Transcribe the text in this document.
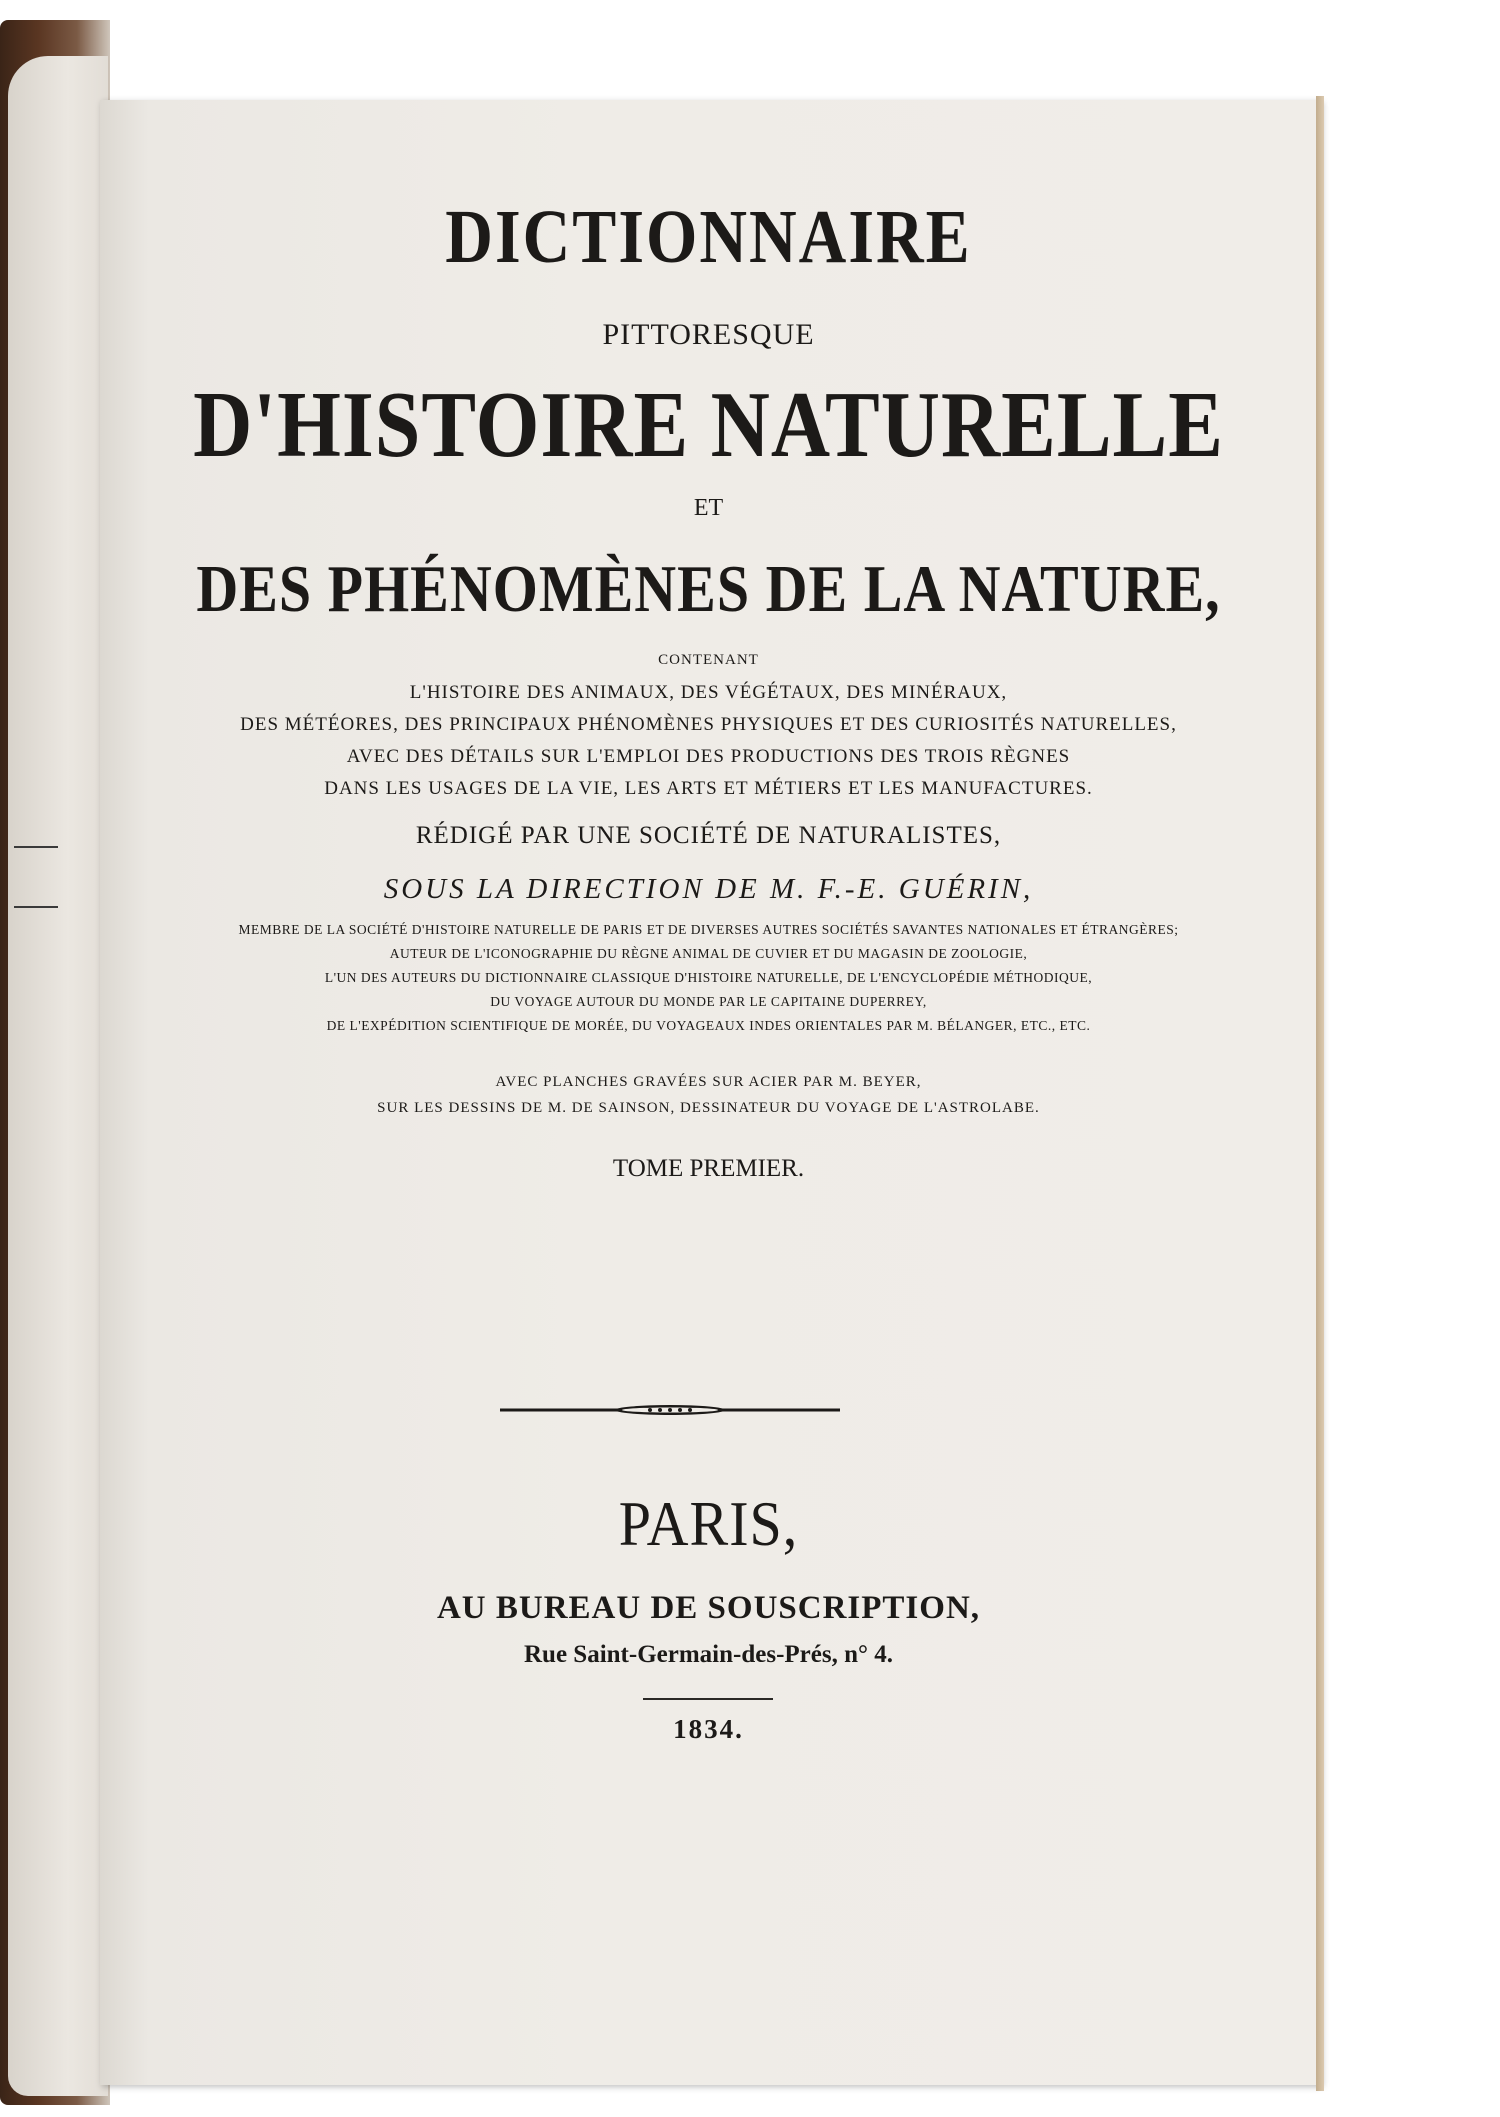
DICTIONNAIRE
PITTORESQUE
D'HISTOIRE NATURELLE
ET
DES PHÉNOMÈNES DE LA NATURE,
CONTENANT
L'HISTOIRE DES ANIMAUX, DES VÉGÉTAUX, DES MINÉRAUX,
DES MÉTÉORES, DES PRINCIPAUX PHÉNOMÈNES PHYSIQUES ET DES CURIOSITÉS NATURELLES,
AVEC DES DÉTAILS SUR L'EMPLOI DES PRODUCTIONS DES TROIS RÈGNES
DANS LES USAGES DE LA VIE, LES ARTS ET MÉTIERS ET LES MANUFACTURES.
RÉDIGÉ PAR UNE SOCIÉTÉ DE NATURALISTES,
SOUS LA DIRECTION DE M. F.-E. GUÉRIN,
MEMBRE DE LA SOCIÉTÉ D'HISTOIRE NATURELLE DE PARIS ET DE DIVERSES AUTRES SOCIÉTÉS SAVANTES NATIONALES ET ÉTRANGÈRES;
AUTEUR DE L'ICONOGRAPHIE DU RÈGNE ANIMAL DE CUVIER ET DU MAGASIN DE ZOOLOGIE,
L'UN DES AUTEURS DU DICTIONNAIRE CLASSIQUE D'HISTOIRE NATURELLE, DE L'ENCYCLOPÉDIE MÉTHODIQUE,
DU VOYAGE AUTOUR DU MONDE PAR LE CAPITAINE DUPERREY,
DE L'EXPÉDITION SCIENTIFIQUE DE MORÉE, DU VOYAGEAUX INDES ORIENTALES PAR M. BÉLANGER, ETC., ETC.
AVEC PLANCHES GRAVÉES SUR ACIER PAR M. BEYER,
SUR LES DESSINS DE M. DE SAINSON, DESSINATEUR DU VOYAGE DE L'ASTROLABE.
TOME PREMIER.
PARIS,
AU BUREAU DE SOUSCRIPTION,
Rue Saint-Germain-des-Prés, n° 4.
1834.
